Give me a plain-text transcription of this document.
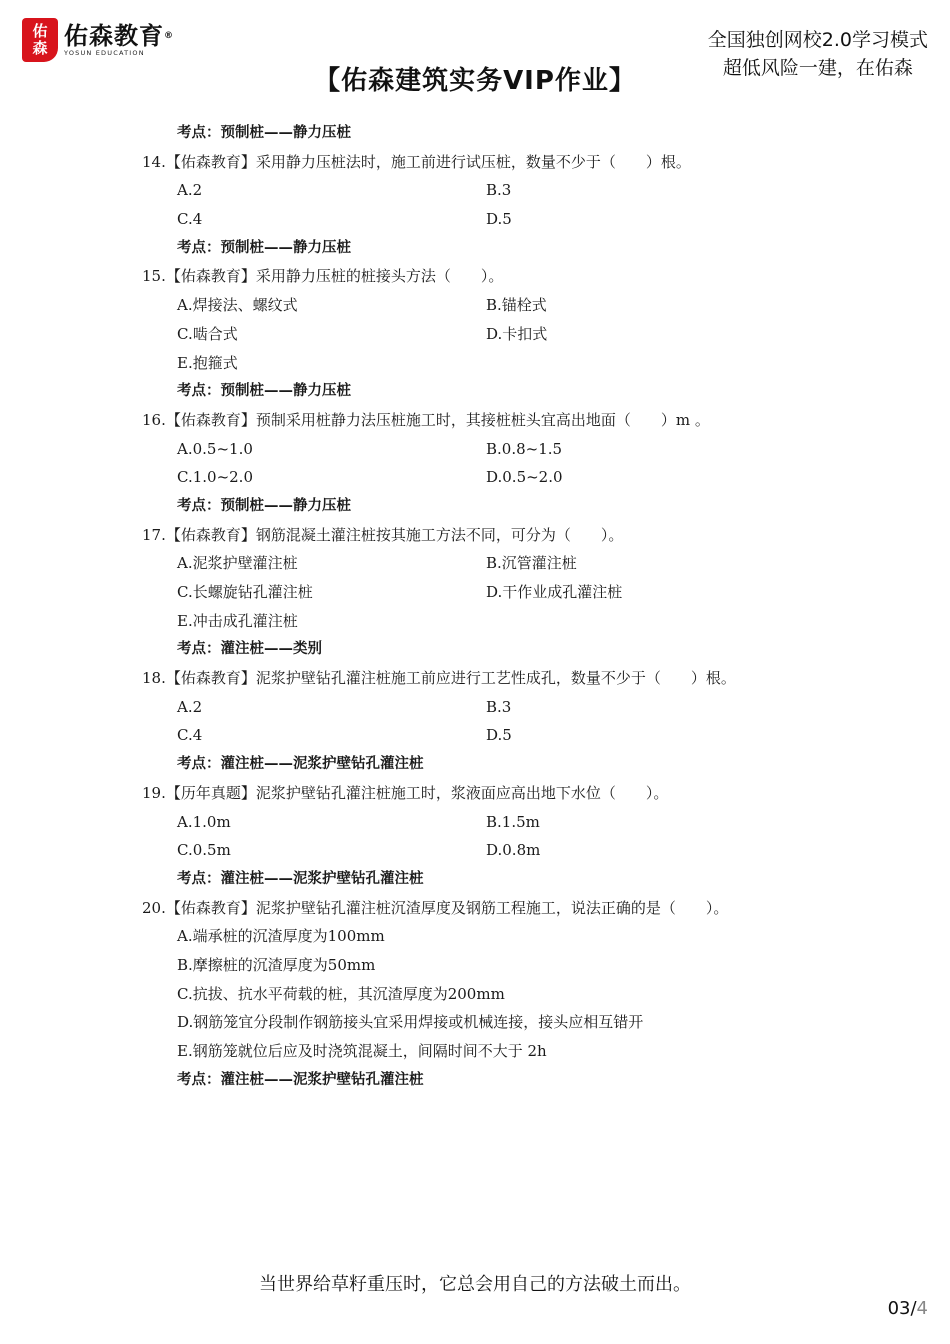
佑
森 佑森教育®
YOSUN EDUCATION
全国独创网校2.0学习模式
超低风险一建，在佑森
【佑森建筑实务VIP作业】
考点：预制桩——静力压桩
14.【佑森教育】采用静力压桩法时，施工前进行试压桩，数量不少于（　　）根。
A.2	B.3
C.4	D.5
考点：预制桩——静力压桩
15.【佑森教育】采用静力压桩的桩接头方法（　　）。
A.焊接法、螺纹式	B.锚栓式
C.啮合式	D.卡扣式
E.抱箍式
考点：预制桩——静力压桩
16.【佑森教育】预制采用桩静力法压桩施工时，其接桩桩头宜高出地面（　　）m 。
A.0.5~1.0	B.0.8~1.5
C.1.0~2.0	D.0.5~2.0
考点：预制桩——静力压桩
17.【佑森教育】钢筋混凝土灌注桩按其施工方法不同，可分为（　　）。
A.泥浆护壁灌注桩	B.沉管灌注桩
C.长螺旋钻孔灌注桩	D.干作业成孔灌注桩
E.冲击成孔灌注桩
考点：灌注桩——类别
18.【佑森教育】泥浆护壁钻孔灌注桩施工前应进行工艺性成孔，数量不少于（　　）根。
A.2	B.3
C.4	D.5
考点：灌注桩——泥浆护壁钻孔灌注桩
19.【历年真题】泥浆护壁钻孔灌注桩施工时，浆液面应高出地下水位（　　）。
A.1.0m	B.1.5m
C.0.5m	D.0.8m
考点：灌注桩——泥浆护壁钻孔灌注桩
20.【佑森教育】泥浆护壁钻孔灌注桩沉渣厚度及钢筋工程施工，说法正确的是（　　）。
A.端承桩的沉渣厚度为100mm
B.摩擦桩的沉渣厚度为50mm
C.抗拔、抗水平荷载的桩，其沉渣厚度为200mm
D.钢筋笼宜分段制作钢筋接头宜采用焊接或机械连接，接头应相互错开
E.钢筋笼就位后应及时浇筑混凝土，间隔时间不大于 2h
考点：灌注桩——泥浆护壁钻孔灌注桩
当世界给草籽重压时，它总会用自己的方法破土而出。
03/4
